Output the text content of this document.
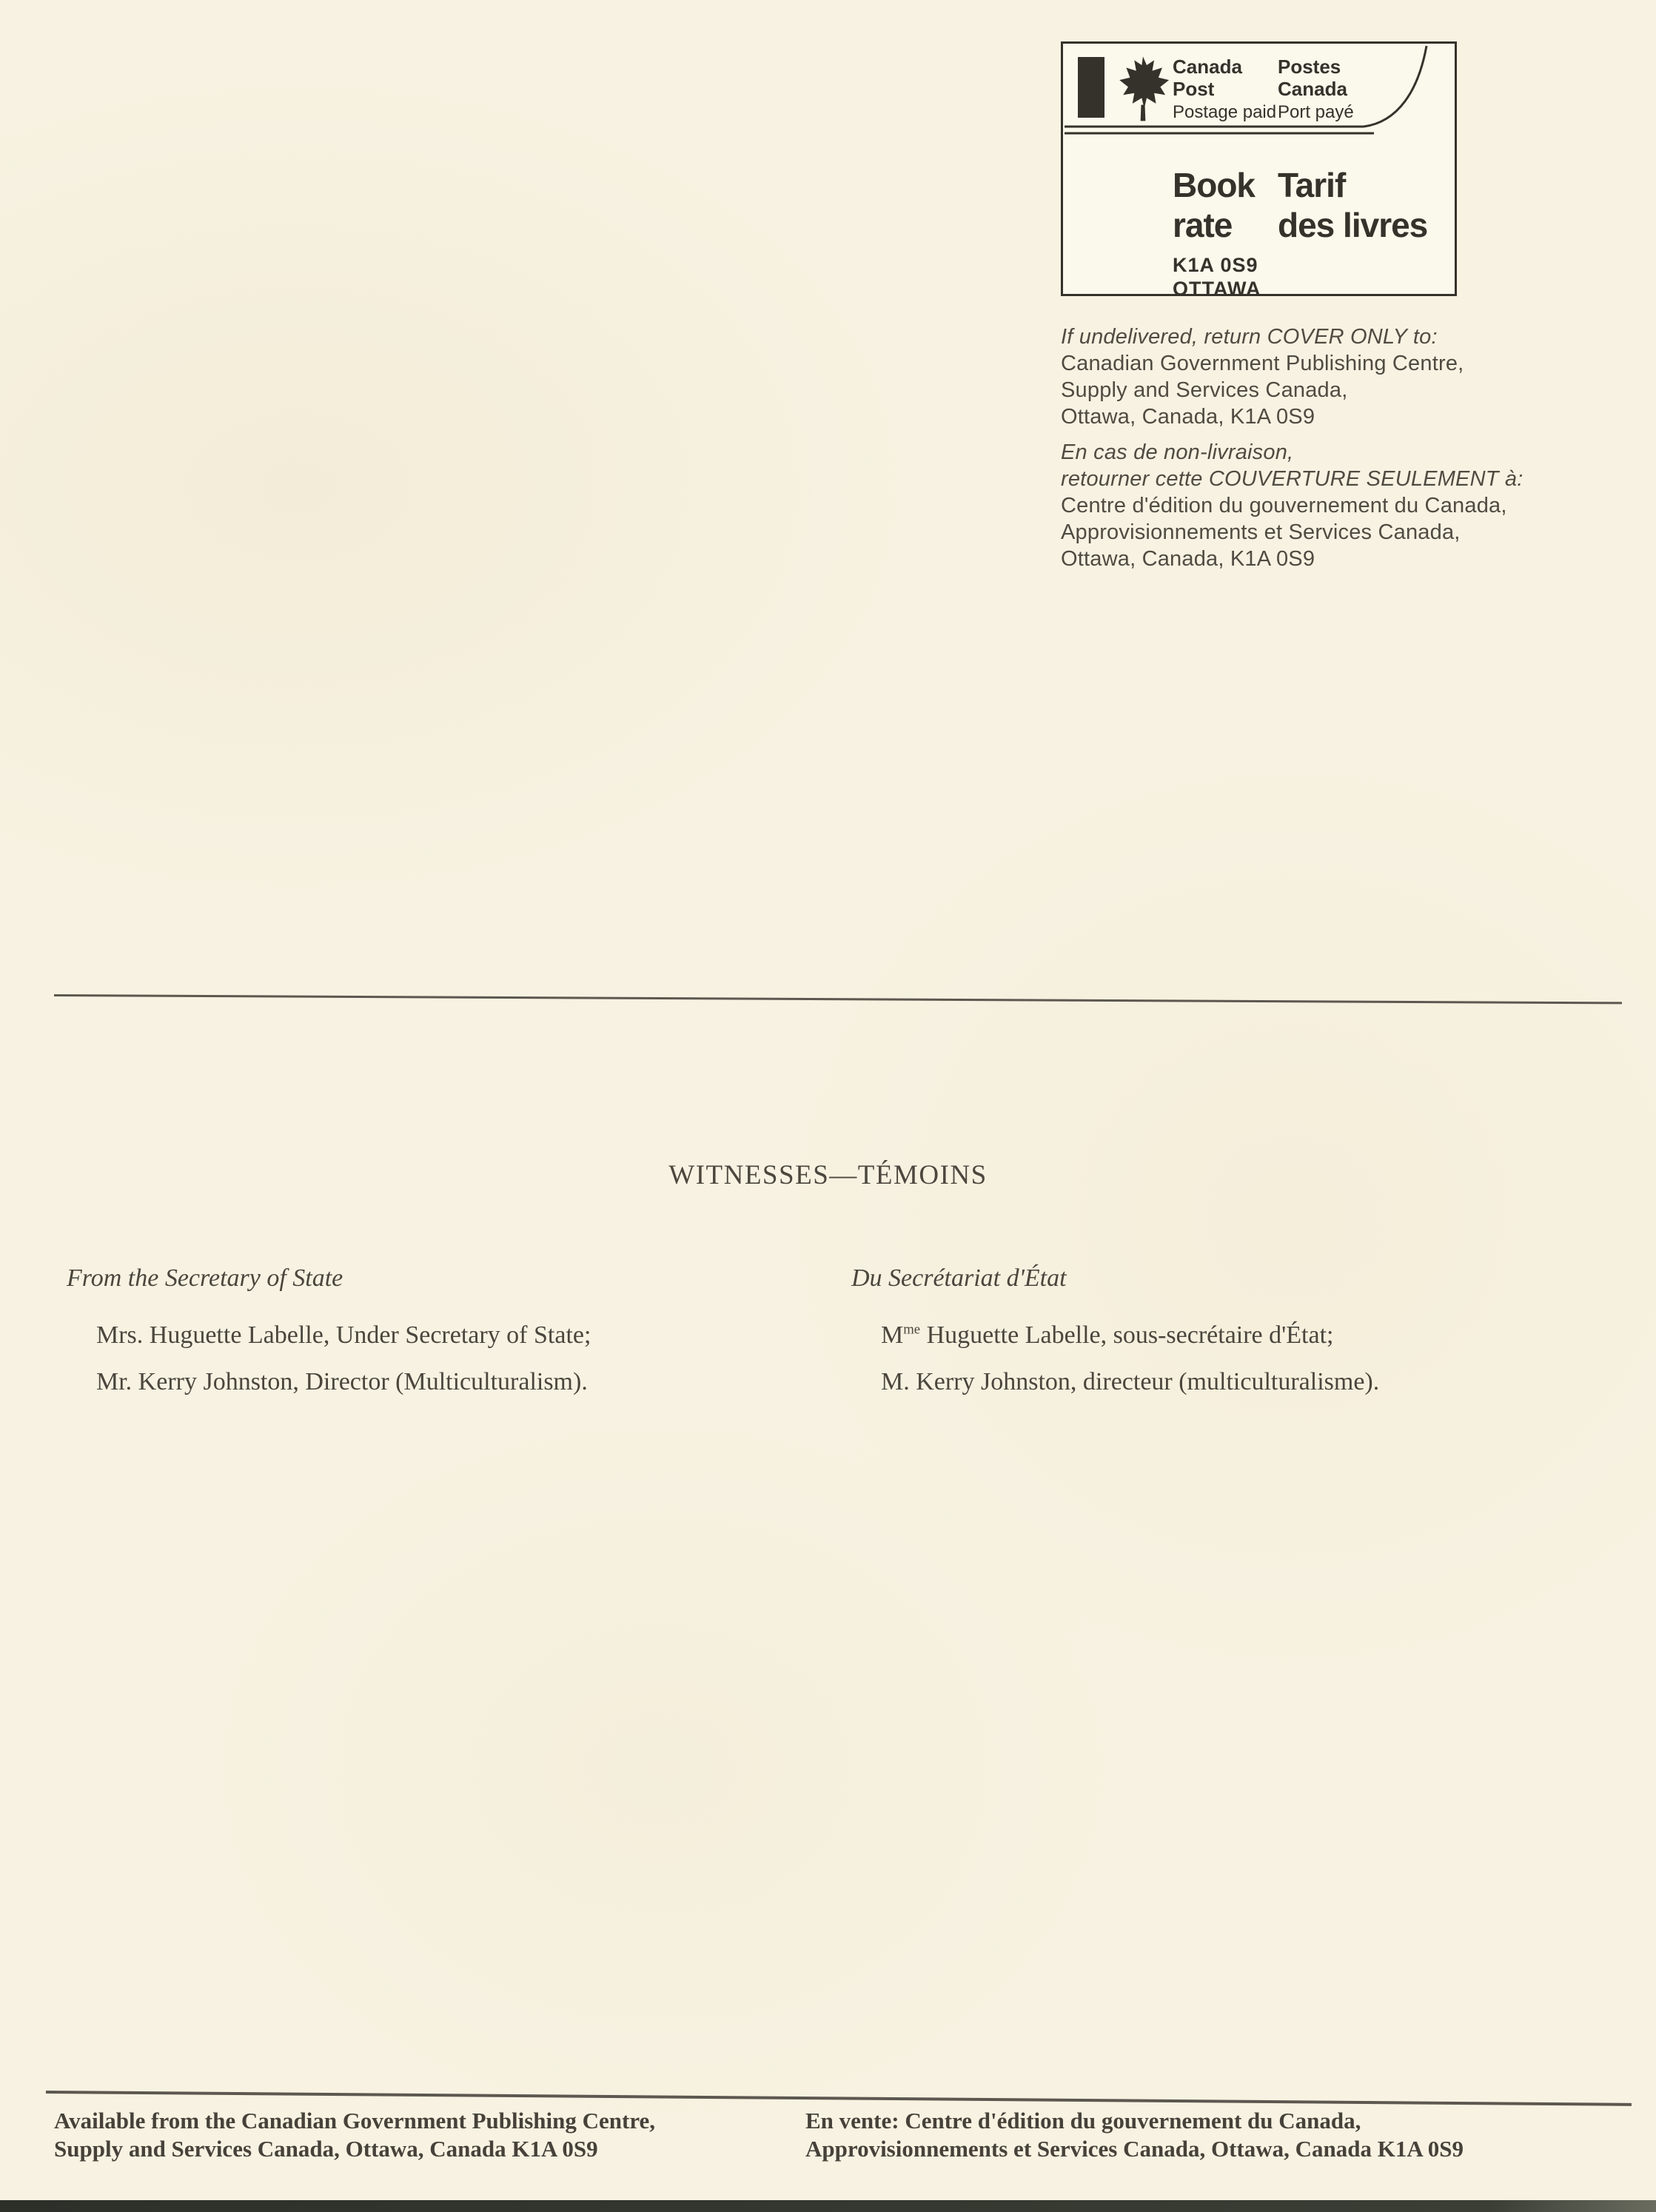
Canada
Post
Postage paid
Postes
Canada
Port payé
Book
rate
Tarif
des livres
K1A 0S9
OTTAWA

If undelivered, return COVER ONLY to:
Canadian Government Publishing Centre,
Supply and Services Canada,
Ottawa, Canada, K1A 0S9

En cas de non-livraison,
retourner cette COUVERTURE SEULEMENT à:
Centre d'édition du gouvernement du Canada,
Approvisionnements et Services Canada,
Ottawa, Canada, K1A 0S9

WITNESSES—TÉMOINS
From the Secretary of State
Mrs. Huguette Labelle, Under Secretary of State;
Mr. Kerry Johnston, Director (Multiculturalism).
Du Secrétariat d'État
$M^{me}$ Huguette Labelle, sous-secrétaire d'État;
M. Kerry Johnston, directeur (multiculturalisme).
Available from the Canadian Government Publishing Centre,
Supply and Services Canada, Ottawa, Canada K1A 0S9
En vente: Centre d'édition du gouvernement du Canada,
Approvisionnements et Services Canada, Ottawa, Canada K1A 0S9
